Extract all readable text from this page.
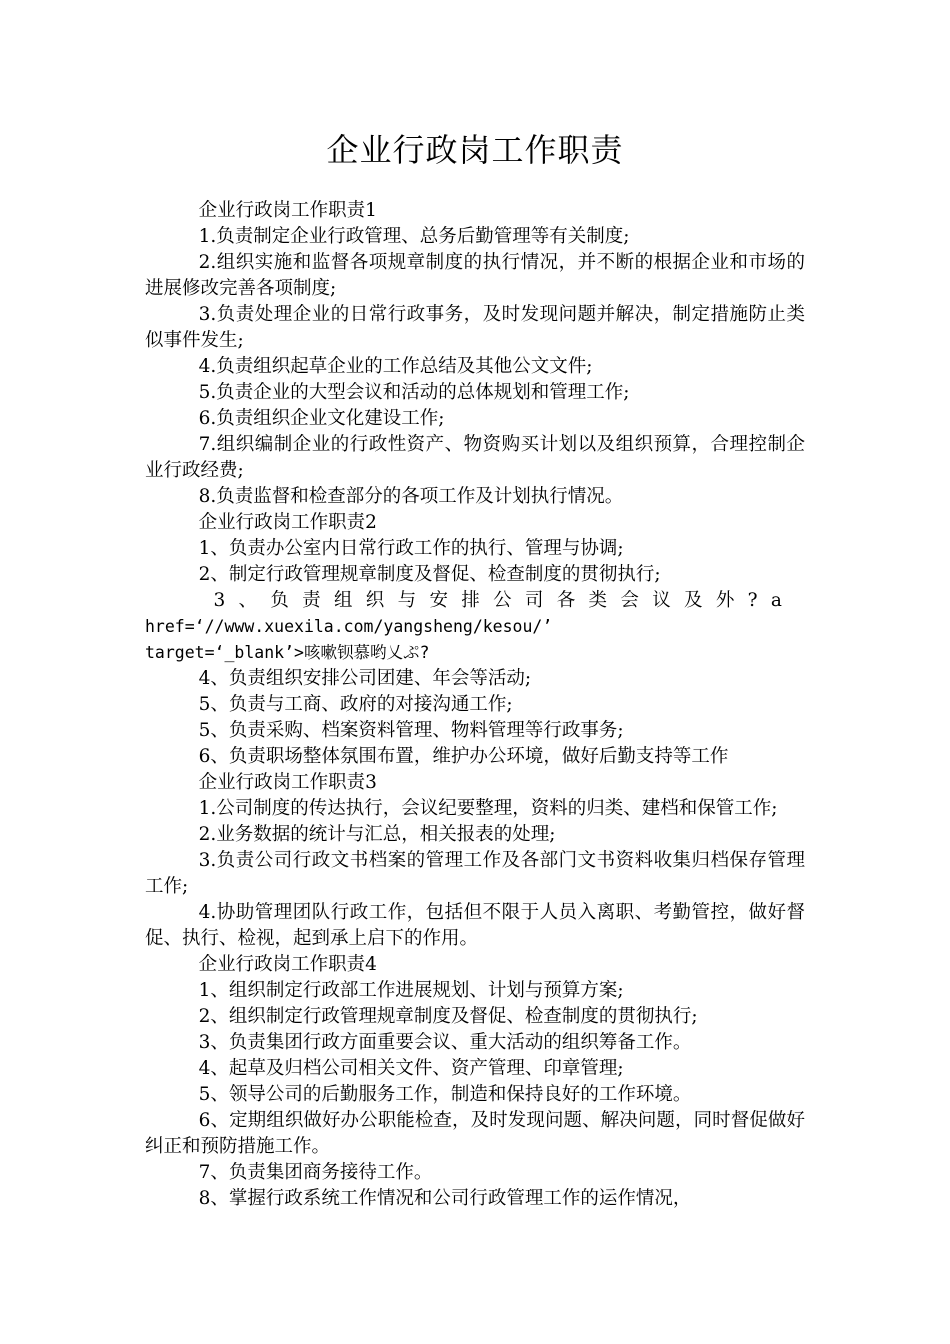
企业行政岗工作职责

企业行政岗工作职责1

1.负责制定企业行政管理、总务后勤管理等有关制度;

2.组织实施和监督各项规章制度的执行情况，并不断的根据企业和市场的进展修改完善各项制度;

3.负责处理企业的日常行政事务，及时发现问题并解决，制定措施防止类似事件发生;

4.负责组织起草企业的工作总结及其他公文文件;

5.负责企业的大型会议和活动的总体规划和管理工作;

6.负责组织企业文化建设工作;

7.组织编制企业的行政性资产、物资购买计划以及组织预算，合理控制企业行政经费;

8.负责监督和检查部分的各项工作及计划执行情况。

企业行政岗工作职责2

1、负责办公室内日常行政工作的执行、管理与协调;

2、制定行政管理规章制度及督促、检查制度的贯彻执行;

3、负责组织与安排公司各类会议及外?a

href=‘//www.xuexila.com/yangsheng/kesou/’

target=‘_blank’>咳嗽钡慕哟乂ぷ?

4、负责组织安排公司团建、年会等活动;

5、负责与工商、政府的对接沟通工作;

5、负责采购、档案资料管理、物料管理等行政事务;

6、负责职场整体氛围布置，维护办公环境，做好后勤支持等工作

企业行政岗工作职责3

1.公司制度的传达执行，会议纪要整理，资料的归类、建档和保管工作;

2.业务数据的统计与汇总，相关报表的处理;

3.负责公司行政文书档案的管理工作及各部门文书资料收集归档保存管理工作;

4.协助管理团队行政工作，包括但不限于人员入离职、考勤管控，做好督促、执行、检视，起到承上启下的作用。

企业行政岗工作职责4

1、组织制定行政部工作进展规划、计划与预算方案;

2、组织制定行政管理规章制度及督促、检查制度的贯彻执行;

3、负责集团行政方面重要会议、重大活动的组织筹备工作。

4、起草及归档公司相关文件、资产管理、印章管理;

5、领导公司的后勤服务工作，制造和保持良好的工作环境。

6、定期组织做好办公职能检查，及时发现问题、解决问题，同时督促做好纠正和预防措施工作。

7、负责集团商务接待工作。

8、掌握行政系统工作情况和公司行政管理工作的运作情况，
